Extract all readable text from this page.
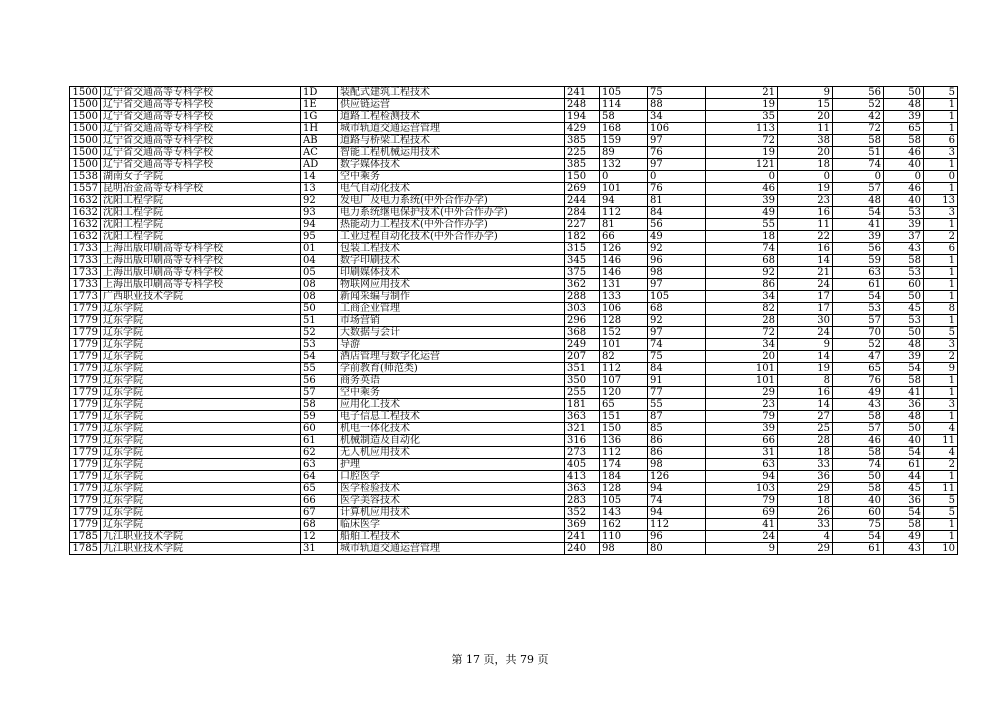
1500	辽宁省交通高等专科学校	1D	装配式建筑工程技术	241	105	75	21	9	56	50	5
1500	辽宁省交通高等专科学校	1E	供应链运营	248	114	88	19	15	52	48	1
1500	辽宁省交通高等专科学校	1G	道路工程检测技术	194	58	34	35	20	42	39	1
1500	辽宁省交通高等专科学校	1H	城市轨道交通运营管理	429	168	106	113	11	72	65	1
1500	辽宁省交通高等专科学校	AB	道路与桥梁工程技术	385	159	97	72	38	58	58	6
1500	辽宁省交通高等专科学校	AC	智能工程机械运用技术	225	89	76	19	20	51	46	3
1500	辽宁省交通高等专科学校	AD	数字媒体技术	385	132	97	121	18	74	40	1
1538	湖南女子学院	14	空中乘务	150	0	0	0	0	0	0	0
1557	昆明冶金高等专科学校	13	电气自动化技术	269	101	76	46	19	57	46	1
1632	沈阳工程学院	92	发电厂及电力系统(中外合作办学)	244	94	81	39	23	48	40	13
1632	沈阳工程学院	93	电力系统继电保护技术(中外合作办学)	284	112	84	49	16	54	53	3
1632	沈阳工程学院	94	热能动力工程技术(中外合作办学)	227	81	56	55	11	41	39	1
1632	沈阳工程学院	95	工业过程自动化技术(中外合作办学)	182	66	49	18	22	39	37	2
1733	上海出版印刷高等专科学校	01	包装工程技术	315	126	92	74	16	56	43	6
1733	上海出版印刷高等专科学校	04	数字印刷技术	345	146	96	68	14	59	58	1
1733	上海出版印刷高等专科学校	05	印刷媒体技术	375	146	98	92	21	63	53	1
1733	上海出版印刷高等专科学校	08	物联网应用技术	362	131	97	86	24	61	60	1
1773	广西职业技术学院	08	新闻采编与制作	288	133	105	34	17	54	50	1
1779	辽东学院	50	工商企业管理	303	106	68	82	17	53	45	8
1779	辽东学院	51	市场营销	296	128	92	28	30	57	53	1
1779	辽东学院	52	大数据与会计	368	152	97	72	24	70	50	5
1779	辽东学院	53	导游	249	101	74	34	9	52	48	3
1779	辽东学院	54	酒店管理与数字化运营	207	82	75	20	14	47	39	2
1779	辽东学院	55	学前教育(师范类)	351	112	84	101	19	65	54	9
1779	辽东学院	56	商务英语	350	107	91	101	8	76	58	1
1779	辽东学院	57	空中乘务	255	120	77	29	16	49	41	1
1779	辽东学院	58	应用化工技术	181	65	55	23	14	43	36	3
1779	辽东学院	59	电子信息工程技术	363	151	87	79	27	58	48	1
1779	辽东学院	60	机电一体化技术	321	150	85	39	25	57	50	4
1779	辽东学院	61	机械制造及自动化	316	136	86	66	28	46	40	11
1779	辽东学院	62	无人机应用技术	273	112	86	31	18	58	54	4
1779	辽东学院	63	护理	405	174	98	63	33	74	61	2
1779	辽东学院	64	口腔医学	413	184	126	94	36	50	44	1
1779	辽东学院	65	医学检验技术	363	128	94	103	29	58	45	11
1779	辽东学院	66	医学美容技术	283	105	74	79	18	40	36	5
1779	辽东学院	67	计算机应用技术	352	143	94	69	26	60	54	5
1779	辽东学院	68	临床医学	369	162	112	41	33	75	58	1
1785	九江职业技术学院	12	船舶工程技术	241	110	96	24	4	54	49	1
1785	九江职业技术学院	31	城市轨道交通运营管理	240	98	80	9	29	61	43	10
第 17 页，共 79 页
